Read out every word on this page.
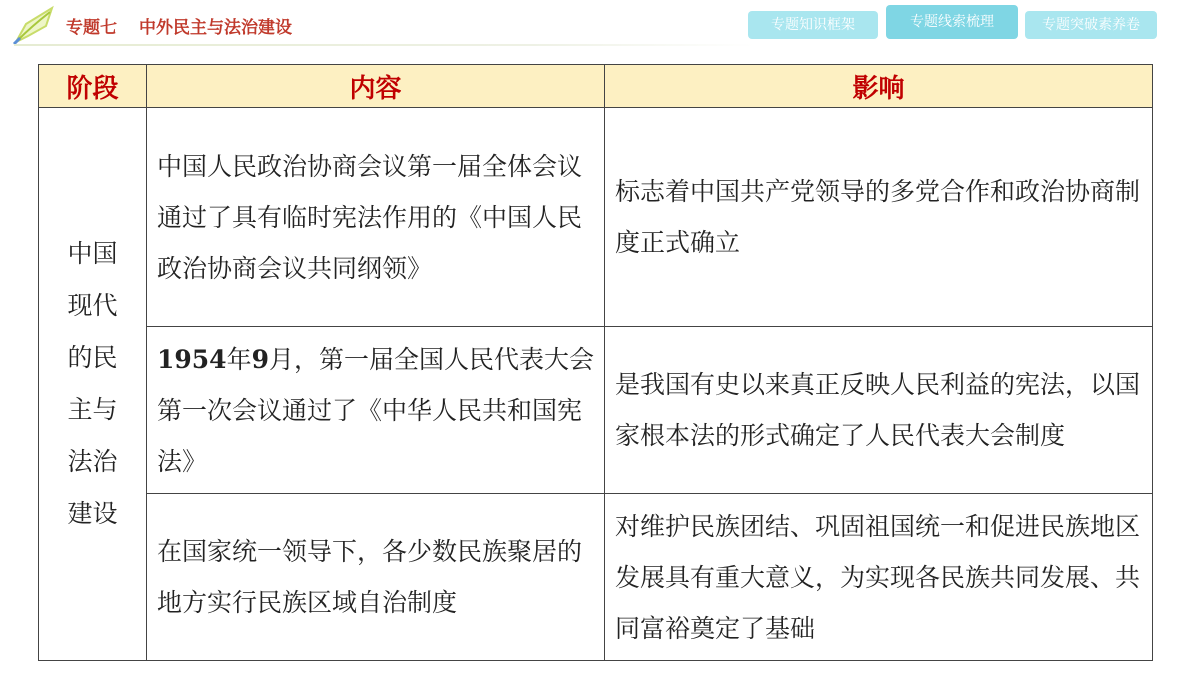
专题七 中外民主与法治建设	专题知识框架	专题线索梳理	专题突破素养卷
阶段	内容	影响
中国现代的民主与法治建设	中国人民政治协商会议第一届全体会议通过了具有临时宪法作用的《中国人民政治协商会议共同纲领》	标志着中国共产党领导的多党合作和政治协商制度正式确立
	1954年9月，第一届全国人民代表大会第一次会议通过了《中华人民共和国宪法》	是我国有史以来真正反映人民利益的宪法，以国家根本法的形式确定了人民代表大会制度
	在国家统一领导下，各少数民族聚居的地方实行民族区域自治制度	对维护民族团结、巩固祖国统一和促进民族地区发展具有重大意义，为实现各民族共同发展、共同富裕奠定了基础
